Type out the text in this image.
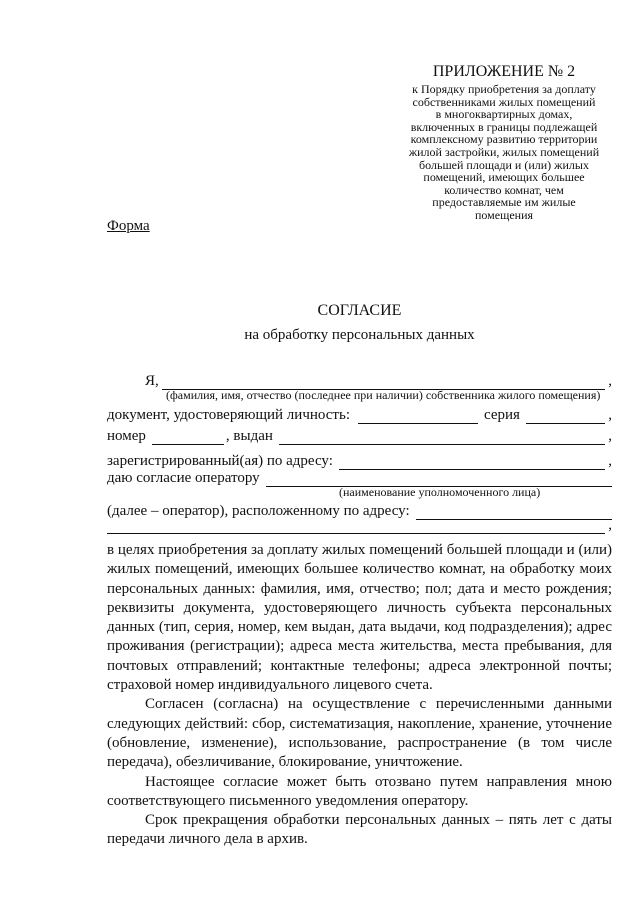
ПРИЛОЖЕНИЕ № 2
к Порядку приобретения за доплату
собственниками жилых помещений
в многоквартирных домах,
включенных в границы подлежащей
комплексному развитию территории
жилой застройки, жилых помещений
большей площади и (или) жилых
помещений, имеющих большее
количество комнат, чем
предоставляемые им жилые
помещения
Форма
СОГЛАСИЕ
на обработку персональных данных
Я,	,
(фамилия, имя, отчество (последнее при наличии) собственника жилого помещения)
документ, удостоверяющий личность:	серия	,
номер	, выдан	,
зарегистрированный(ая) по адресу:	,
даю согласие оператору
(наименование уполномоченного лица)
(далее – оператор), расположенному по адресу:
,

в целях приобретения за доплату жилых помещений большей площади и (или) жилых помещений, имеющих большее количество комнат, на обработку моих персональных данных: фамилия, имя, отчество; пол; дата и место рождения; реквизиты документа, удостоверяющего личность субъекта персональных данных (тип, серия, номер, кем выдан, дата выдачи, код подразделения); адрес проживания (регистрации); адреса места жительства, места пребывания, для почтовых отправлений; контактные телефоны; адреса электронной почты; страховой номер индивидуального лицевого счета.

Согласен (согласна) на осуществление с перечисленными данными следующих действий: сбор, систематизация, накопление, хранение, уточнение (обновление, изменение), использование, распространение (в том числе передача), обезличивание, блокирование, уничтожение.

Настоящее согласие может быть отозвано путем направления мною соответствующего письменного уведомления оператору.

Срок прекращения обработки персональных данных – пять лет с даты передачи личного дела в архив.
